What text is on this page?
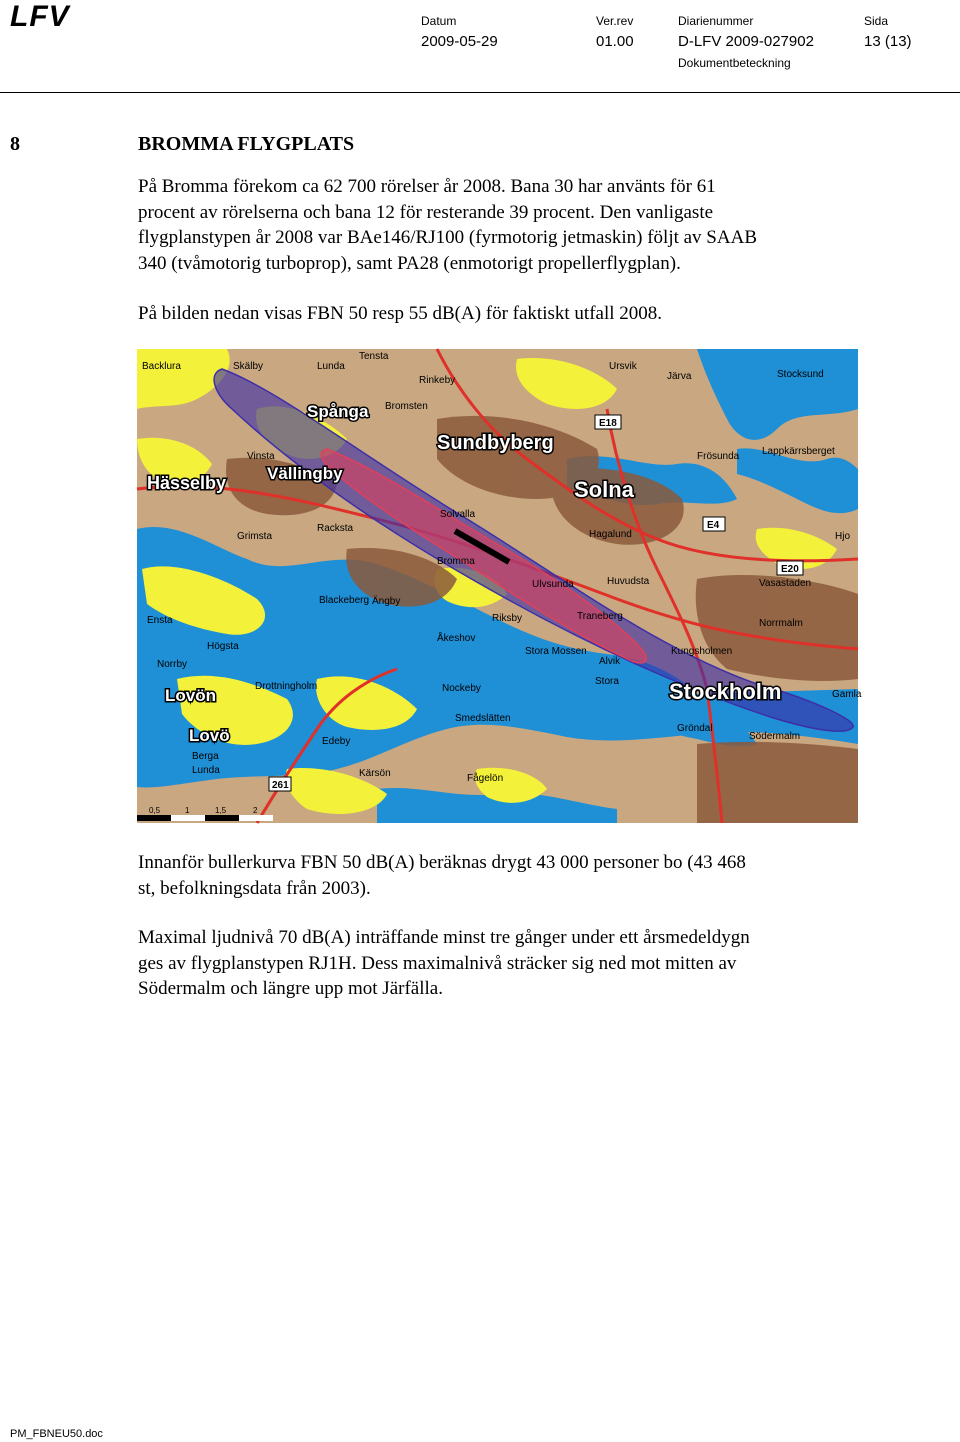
LFV	Datum
2009-05-29
Ver.rev
01.00
Diarienummer
D-LFV 2009-027902
Sida
13 (13)
Dokumentbeteckning
8	BROMMA FLYGPLATS
På Bromma förekom ca 62 700 rörelser år 2008. Bana 30 har använts för 61
procent av rörelserna och bana 12 för resterande 39 procent. Den vanligaste
flygplanstypen år 2008 var BAe146/RJ100 (fyrmotorig jetmaskin) följt av SAAB
340 (tvåmotorig turboprop), samt PA28 (enmotorigt propellerflygplan).
På bilden nedan visas FBN 50 resp 55 dB(A) för faktiskt utfall 2008.
Sundbyberg
Solna
Stockholm
Hässelby Vällingby
Spånga
Lovön
Lovö
Drottningholm
Bromma
Ulvsunda
Blackeberg
Södermalm
Vasastaden
Norrmalm
Kungsholmen
Hagalund
Huvudsta
Alvik
Nockeby
Rinkeby
Tensta
Ursvik
Lunda
Skälby
Backlura
Vinsta
Racksta
Grimsta
Ängby
Riksby
Åkeshov
Stora Mossen
Ensta
Högsta
Norrby
Berga
Lunda
Edeby
Kärsön	Fågelön
Smedslätten
Gröndal
Stocksund
Frösunda
Järva
Hjo
Gamla
Lappkärrsberget
Bromsten
Solvalla
Stora
Traneberg
E18
E4
E20
261
0,5	1	1,5	2
Innanför bullerkurva FBN 50 dB(A) beräknas drygt 43 000 personer bo (43 468
st, befolkningsdata från 2003).
Maximal ljudnivå 70 dB(A) inträffande minst tre gånger under ett årsmedeldygn
ges av flygplanstypen RJ1H. Dess maximalnivå sträcker sig ned mot mitten av
Södermalm och längre upp mot Järfälla.
PM_FBNEU50.doc
